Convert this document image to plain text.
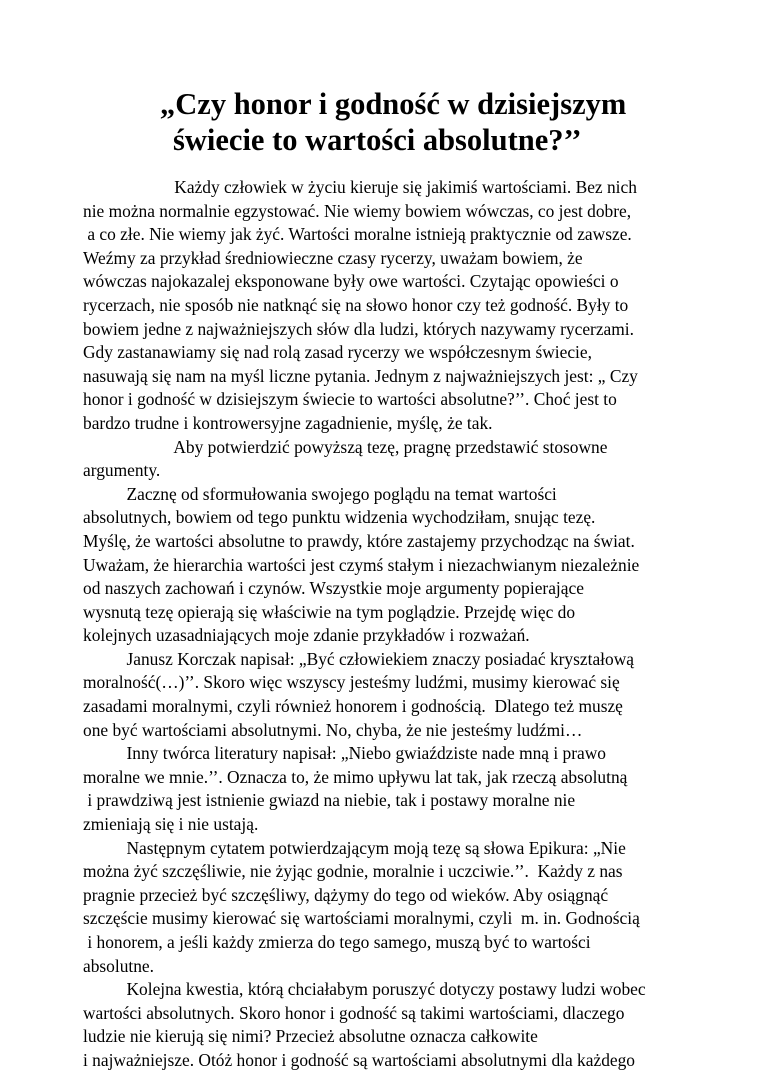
„Czy honor i godność w dzisiejszym
świecie to wartości absolutne?’’
Każdy człowiek w życiu kieruje się jakimiś wartościami. Bez nich
nie można normalnie egzystować. Nie wiemy bowiem wówczas, co jest dobre,
a co złe. Nie wiemy jak żyć. Wartości moralne istnieją praktycznie od zawsze.
Weźmy za przykład średniowieczne czasy rycerzy, uważam bowiem, że
wówczas najokazalej eksponowane były owe wartości. Czytając opowieści o
rycerzach, nie sposób nie natknąć się na słowo honor czy też godność. Były to
bowiem jedne z najważniejszych słów dla ludzi, których nazywamy rycerzami.
Gdy zastanawiamy się nad rolą zasad rycerzy we współczesnym świecie,
nasuwają się nam na myśl liczne pytania. Jednym z najważniejszych jest: „ Czy
honor i godność w dzisiejszym świecie to wartości absolutne?’’. Choć jest to
bardzo trudne i kontrowersyjne zagadnienie, myślę, że tak.
Aby potwierdzić powyższą tezę, pragnę przedstawić stosowne
argumenty.
Zacznę od sformułowania swojego poglądu na temat wartości
absolutnych, bowiem od tego punktu widzenia wychodziłam, snując tezę.
Myślę, że wartości absolutne to prawdy, które zastajemy przychodząc na świat.
Uważam, że hierarchia wartości jest czymś stałym i niezachwianym niezależnie
od naszych zachowań i czynów. Wszystkie moje argumenty popierające
wysnutą tezę opierają się właściwie na tym poglądzie. Przejdę więc do
kolejnych uzasadniających moje zdanie przykładów i rozważań.
Janusz Korczak napisał: „Być człowiekiem znaczy posiadać kryształową
moralność(…)’’. Skoro więc wszyscy jesteśmy ludźmi, musimy kierować się
zasadami moralnymi, czyli również honorem i godnością.  Dlatego też muszę
one być wartościami absolutnymi. No, chyba, że nie jesteśmy ludźmi…
Inny twórca literatury napisał: „Niebo gwiaździste nade mną i prawo
moralne we mnie.’’. Oznacza to, że mimo upływu lat tak, jak rzeczą absolutną
i prawdziwą jest istnienie gwiazd na niebie, tak i postawy moralne nie
zmieniają się i nie ustają.
Następnym cytatem potwierdzającym moją tezę są słowa Epikura: „Nie
można żyć szczęśliwie, nie żyjąc godnie, moralnie i uczciwie.’’.  Każdy z nas
pragnie przecież być szczęśliwy, dążymy do tego od wieków. Aby osiągnąć
szczęście musimy kierować się wartościami moralnymi, czyli  m. in. Godnością
i honorem, a jeśli każdy zmierza do tego samego, muszą być to wartości
absolutne.
Kolejna kwestia, którą chciałabym poruszyć dotyczy postawy ludzi wobec
wartości absolutnych. Skoro honor i godność są takimi wartościami, dlaczego
ludzie nie kierują się nimi? Przecież absolutne oznacza całkowite
i najważniejsze. Otóż honor i godność są wartościami absolutnymi dla każdego
